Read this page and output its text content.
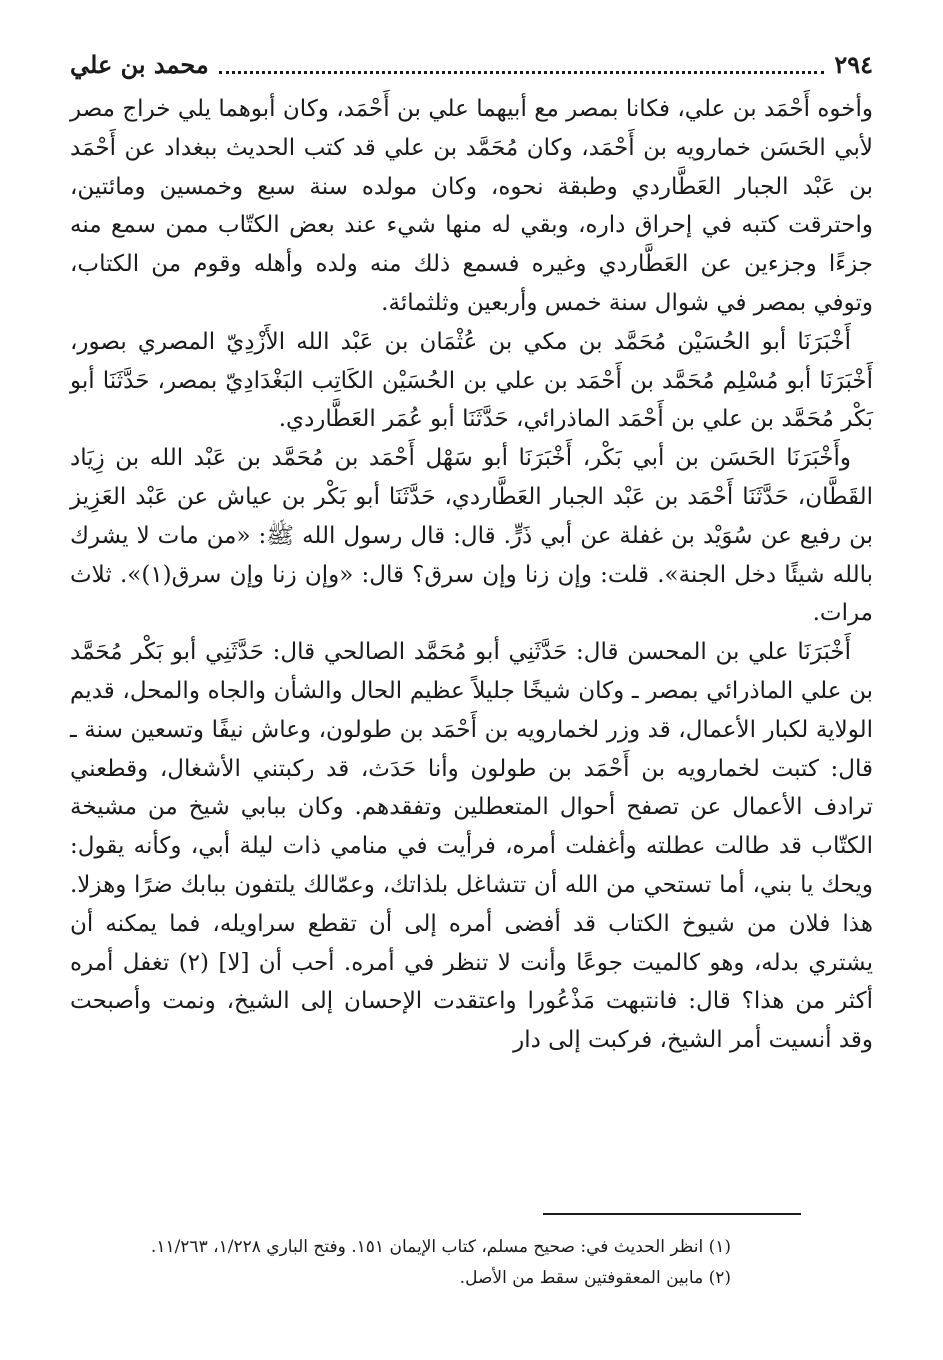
٢٩٤
محمد بن علي

وأخوه أَحْمَد بن علي، فكانا بمصر مع أبيهما علي بن أَحْمَد، وكان أبوهما يلي خراج مصر لأبي الحَسَن خمارويه بن أَحْمَد، وكان مُحَمَّد بن علي قد كتب الحديث ببغداد عن أَحْمَد بن عَبْد الجبار العَطَّاردي وطبقة نحوه، وكان مولده سنة سبع وخمسين ومائتين، واحترقت كتبه في إحراق داره، وبقي له منها شيء عند بعض الكتّاب ممن سمع منه جزءًا وجزءين عن العَطَّاردي وغيره فسمع ذلك منه ولده وأهله وقوم من الكتاب، وتوفي بمصر في شوال سنة خمس وأربعين وثلثمائة.

أَخْبَرَنَا أبو الحُسَيْن مُحَمَّد بن مكي بن عُثْمَان بن عَبْد الله الأَزْدِيّ المصري بصور، أَخْبَرَنَا أبو مُسْلِم مُحَمَّد بن أَحْمَد بن علي بن الحُسَيْن الكَاتِب البَغْدَادِيّ بمصر، حَدَّثَنَا أبو بَكْر مُحَمَّد بن علي بن أَحْمَد الماذرائي، حَدَّثَنَا أبو عُمَر العَطَّاردي.

وأَخْبَرَنَا الحَسَن بن أبي بَكْر، أَخْبَرَنَا أبو سَهْل أَحْمَد بن مُحَمَّد بن عَبْد الله بن زِيَاد القَطَّان، حَدَّثَنَا أَحْمَد بن عَبْد الجبار العَطَّاردي، حَدَّثَنَا أبو بَكْر بن عياش عن عَبْد العَزِيز بن رفيع عن سُوَيْد بن غفلة عن أبي ذَرٍّ. قال: قال رسول الله ﷺ: «من مات لا يشرك بالله شيئًا دخل الجنة». قلت: وإن زنا وإن سرق؟ قال: «وإن زنا وإن سرق(١)». ثلاث مرات.

أَخْبَرَنَا علي بن المحسن قال: حَدَّثَنِي أبو مُحَمَّد الصالحي قال: حَدَّثَنِي أبو بَكْر مُحَمَّد بن علي الماذرائي بمصر ـ وكان شيخًا جليلاً عظيم الحال والشأن والجاه والمحل، قديم الولاية لكبار الأعمال، قد وزر لخمارويه بن أَحْمَد بن طولون، وعاش نيفًا وتسعين سنة ـ قال: كتبت لخمارويه بن أَحْمَد بن طولون وأنا حَدَث، قد ركبتني الأشغال، وقطعني ترادف الأعمال عن تصفح أحوال المتعطلين وتفقدهم. وكان ببابي شيخ من مشيخة الكتّاب قد طالت عطلته وأغفلت أمره، فرأيت في منامي ذات ليلة أبي، وكأنه يقول: ويحك يا بني، أما تستحي من الله أن تتشاغل بلذاتك، وعمّالك يلتفون ببابك ضرًا وهزلا. هذا فلان من شيوخ الكتاب قد أفضى أمره إلى أن تقطع سراويله، فما يمكنه أن يشتري بدله، وهو كالميت جوعًا وأنت لا تنظر في أمره. أحب أن [لا] (٢) تغفل أمره أكثر من هذا؟ قال: فانتبهت مَذْعُورا واعتقدت الإحسان إلى الشيخ، ونمت وأصبحت وقد أنسيت أمر الشيخ، فركبت إلى دار

(١) انظر الحديث في: صحيح مسلم، كتاب الإيمان ١٥١. وفتح الباري ١/٢٢٨، ١١/٢٦٣.

(٢) مابين المعقوفتين سقط من الأصل.
